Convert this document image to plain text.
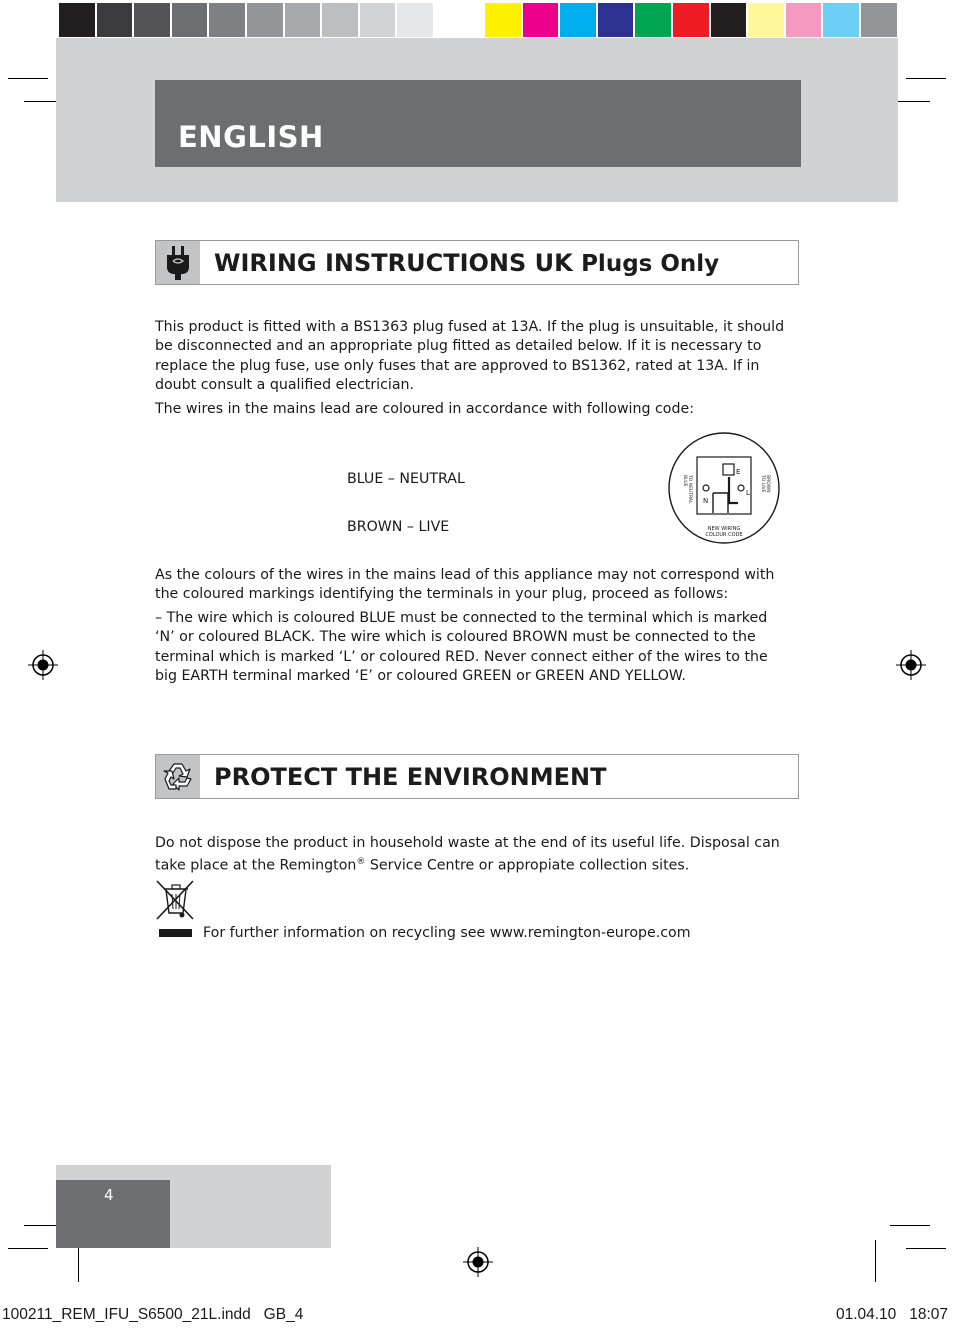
ENGLISH
WIRING INSTRUCTIONS UK Plugs Only

This product is fitted with a BS1363 plug fused at 13A. If the plug is unsuitable, it should be disconnected and an appropriate plug fitted as detailed below. If it is necessary to replace the plug fuse, use only fuses that are approved to BS1362, rated at 13A. If in doubt consult a qualified electrician.

The wires in the mains lead are coloured in accordance with following code:

BLUE – NEUTRAL
BROWN – LIVE
E
N
L
BLUE TO NEUTRAL	BROWN
TO LIVE
NEW WIRING
COLOUR CODE

As the colours of the wires in the mains lead of this appliance may not correspond with the coloured markings identifying the terminals in your plug, proceed as follows:

– The wire which is coloured BLUE must be connected to the terminal which is marked ‘N’ or coloured BLACK. The wire which is coloured BROWN must be connected to the terminal which is marked ‘L’ or coloured RED. Never connect either of the wires to the big EARTH terminal marked ‘E’ or coloured GREEN or GREEN AND YELLOW.

PROTECT THE ENVIRONMENT

Do not dispose the product in household waste at the end of its useful life. Disposal can take place at the Remington® Service Centre or appropiate collection sites.

For further information on recycling see www.remington-europe.com
4
100211_REM_IFU_S6500_21L.indd   GB_4	01.04.10   18:07
